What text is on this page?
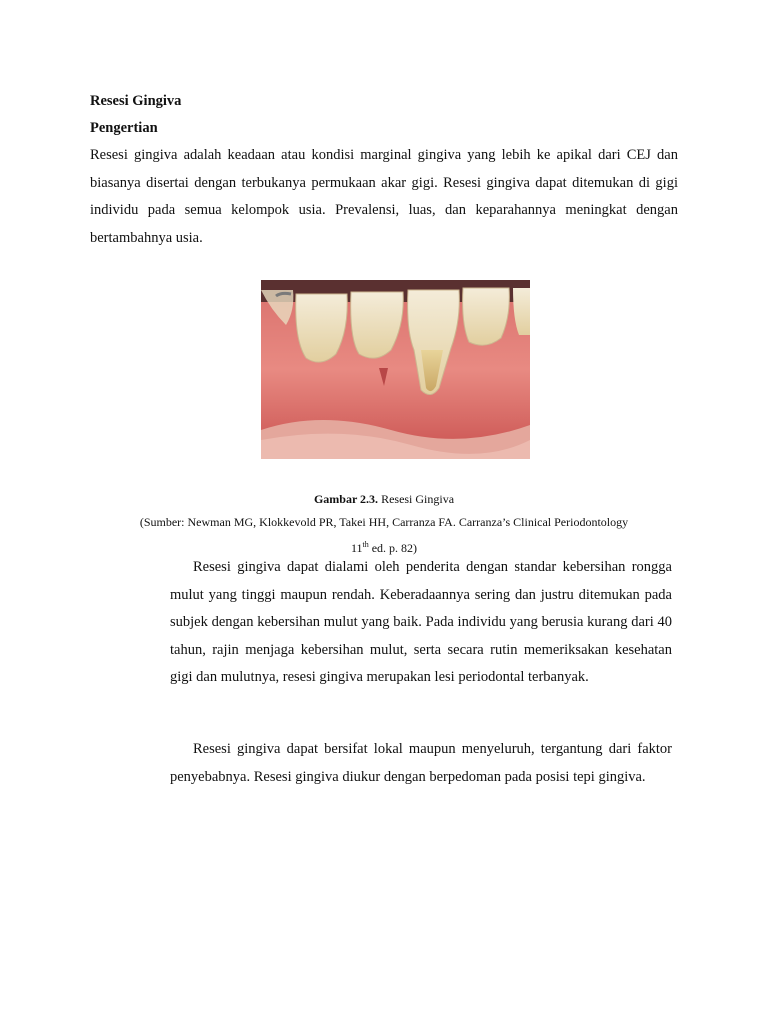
Resesi Gingiva
Pengertian

Resesi gingiva adalah keadaan atau kondisi marginal gingiva yang lebih ke apikal dari CEJ dan biasanya disertai dengan terbukanya permukaan akar gigi. Resesi gingiva dapat ditemukan di gigi individu pada semua kelompok usia. Prevalensi, luas, dan keparahannya meningkat dengan bertambahnya usia.

Gambar 2.3. Resesi Gingiva

(Sumber: Newman MG, Klokkevold PR, Takei HH, Carranza FA. Carranza’s Clinical Periodontology

11th ed. p. 82)

Resesi gingiva dapat dialami oleh penderita dengan standar kebersihan rongga mulut yang tinggi maupun rendah. Keberadaannya sering dan justru ditemukan pada subjek dengan kebersihan mulut yang baik. Pada individu yang berusia kurang dari 40 tahun, rajin menjaga kebersihan mulut, serta secara rutin memeriksakan kesehatan gigi dan mulutnya, resesi gingiva merupakan lesi periodontal terbanyak.

Resesi gingiva dapat bersifat lokal maupun menyeluruh, tergantung dari faktor penyebabnya. Resesi gingiva diukur dengan berpedoman pada posisi tepi gingiva.
